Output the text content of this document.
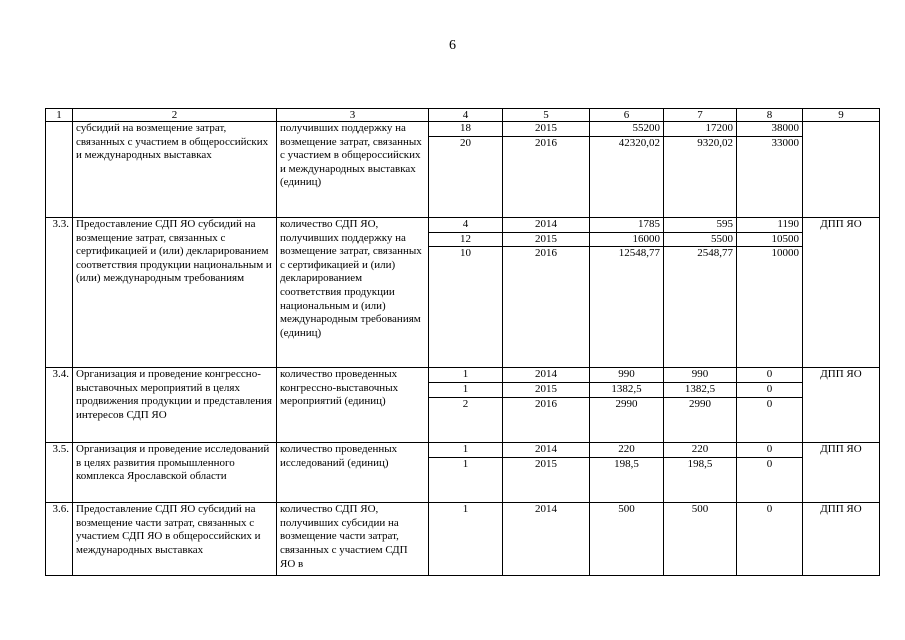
6
1	2	3	4	5	6	7	8	9
	субсидий на возмещение затрат, связанных с участием в общероссийских и международных выставках	получивших поддержку на возмещение затрат, связанных с участием в общероссийских и международных выставках (единиц)	18	2015	55200	17200	38000	
			20	2016	42320,02	9320,02	33000	
3.3.	Предоставление СДП ЯО субсидий на возмещение затрат, связанных с сертификацией и (или) декларированием соответствия продукции национальным и (или) международным требованиям	количество СДП ЯО, получивших поддержку на возмещение затрат, связанных с сертификацией и (или) декларированием соответствия продукции национальным и (или) международным требованиям (единиц)	4	2014	1785	595	1190	ДПП ЯО
			12	2015	16000	5500	10500	
			10	2016	12548,77	2548,77	10000	
3.4.	Организация и проведение конгрессно-выставочных мероприятий в целях продвижения продукции и представления интересов СДП ЯО	количество проведенных конгрессно-выставочных мероприятий (единиц)	1	2014	990	990	0	ДПП ЯО
			1	2015	1382,5	1382,5	0	
			2	2016	2990	2990	0	
3.5.	Организация и проведение исследований в целях развития промышленного комплекса Ярославской области	количество проведенных исследований (единиц)	1	2014	220	220	0	ДПП ЯО
			1	2015	198,5	198,5	0	
3.6.	Предоставление СДП ЯО субсидий на возмещение части затрат, связанных с участием СДП ЯО в общероссийских и международных выставках	количество СДП ЯО, получивших субсидии на возмещение части затрат, связанных с участием СДП ЯО в	1	2014	500	500	0	ДПП ЯО
